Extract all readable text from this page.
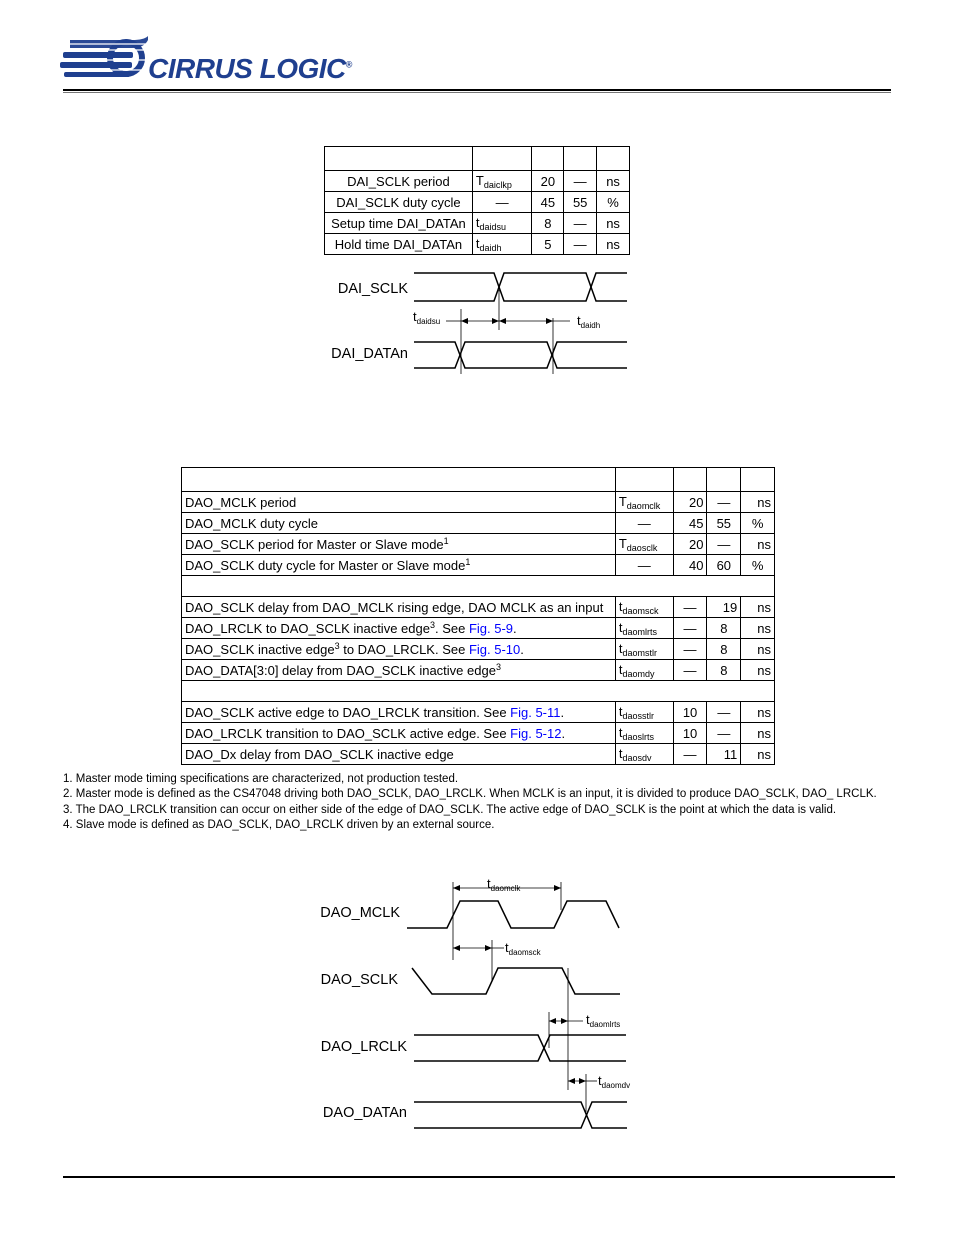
CIRRUS LOGIC®

DAI_SCLK period	$T_{daiclkp}$	20	—	ns
DAI_SCLK duty cycle	—	45	55	%
Setup time DAI_DATAn	$t_{daidsu}$	8	—	ns
Hold time DAI_DATAn	$t_{daidh}$	5	—	ns
DAI_SCLK
DAI_DATAn
$t_{daidsu}$	$t_{daidh}$

DAO_MCLK period	$T_{daomclk}$	20	—	ns
DAO_MCLK duty cycle	—	45	55	%
DAO_SCLK period for Master or Slave mode$^1$	$T_{daosclk}$	20	—	ns
DAO_SCLK duty cycle for Master or Slave mode$^1$	—	40	60	%

DAO_SCLK delay from DAO_MCLK rising edge, DAO MCLK as an input	$t_{daomsck}$	—	19	ns
DAO_LRCLK to DAO_SCLK inactive edge$^3$. See Fig. 5-9.	$t_{daomlrts}$	—	8	ns
DAO_SCLK inactive edge$^3$ to DAO_LRCLK. See Fig. 5-10.	$t_{daomstlr}$	—	8	ns
DAO_DATA[3:0] delay from DAO_SCLK inactive edge$^3$	$t_{daomdy}$	—	8	ns

DAO_SCLK active edge to DAO_LRCLK transition. See Fig. 5-11.	$t_{daosstlr}$	10	—	ns
DAO_LRCLK transition to DAO_SCLK active edge. See Fig. 5-12.	$t_{daoslrts}$	10	—	ns
DAO_Dx delay from DAO_SCLK inactive edge	$t_{daosdv}$	—	11	ns
1. Master mode timing specifications are characterized, not production tested.
2. Master mode is defined as the CS47048 driving both DAO_SCLK, DAO_LRCLK. When MCLK is an input, it is divided to produce DAO_SCLK, DAO_ LRCLK.
3. The DAO_LRCLK transition can occur on either side of the edge of DAO_SCLK. The active edge of DAO_SCLK is the point at which the data is valid.
4. Slave mode is defined as DAO_SCLK, DAO_LRCLK driven by an external source.
DAO_MCLK
DAO_SCLK
DAO_LRCLK
DAO_DATAn
$t_{daomclk}$
$t_{daomsck}$
$t_{daomlrts}$
$t_{daomdv}$
